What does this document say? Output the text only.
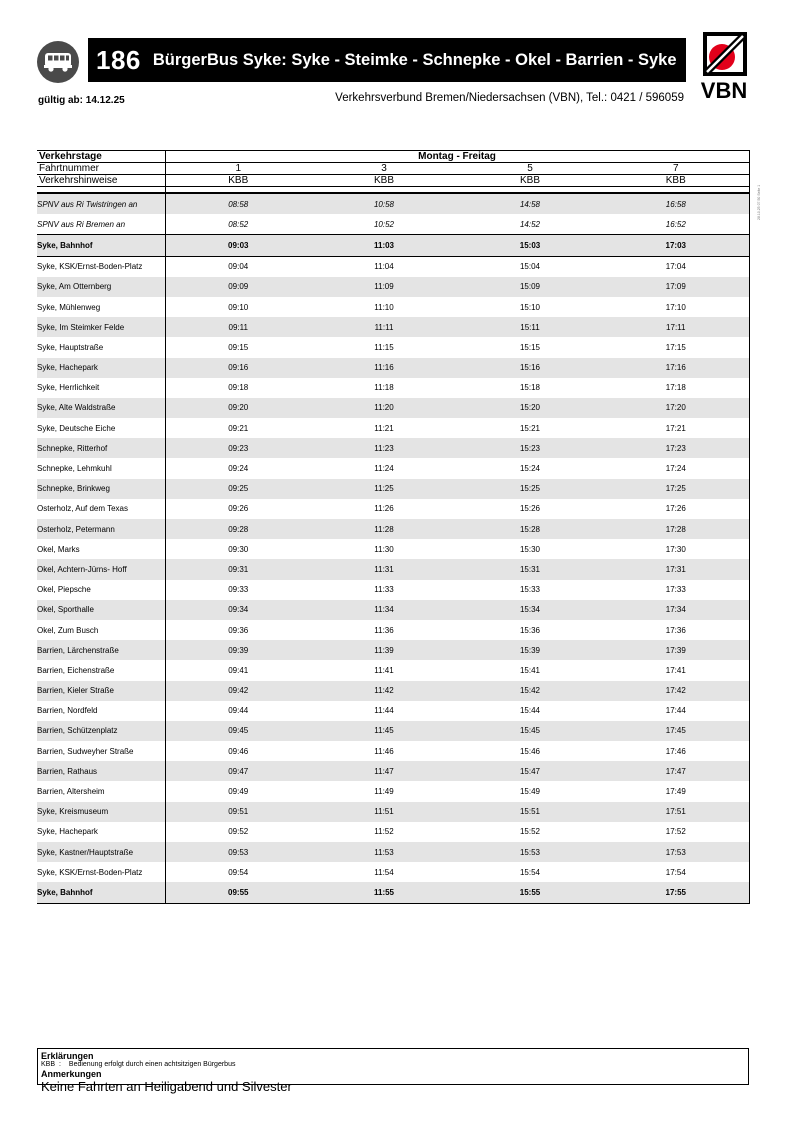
186 BürgerBus Syke: Syke - Steimke - Schnepke - Okel - Barrien - Syke
gültig ab: 14.12.25	Verkehrsverbund Bremen/Niedersachsen (VBN), Tel.: 0421 / 596059 VBN
28.10.25 07:50 Seite 1
Verkehrstage	Montag - Freitag			
Fahrtnummer	1	3	5	7
Verkehrshinweise	KBB	KBB	KBB	KBB

SPNV aus Ri Twistringen an	08:58	10:58	14:58	16:58
SPNV aus Ri Bremen an	08:52	10:52	14:52	16:52
Syke, Bahnhof	09:03	11:03	15:03	17:03
Syke, KSK/Ernst-Boden-Platz	09:04	11:04	15:04	17:04
Syke, Am Otternberg	09:09	11:09	15:09	17:09
Syke, Mühlenweg	09:10	11:10	15:10	17:10
Syke, Im Steimker Felde	09:11	11:11	15:11	17:11
Syke, Hauptstraße	09:15	11:15	15:15	17:15
Syke, Hachepark	09:16	11:16	15:16	17:16
Syke, Herrlichkeit	09:18	11:18	15:18	17:18
Syke, Alte Waldstraße	09:20	11:20	15:20	17:20
Syke, Deutsche Eiche	09:21	11:21	15:21	17:21
Schnepke, Ritterhof	09:23	11:23	15:23	17:23
Schnepke, Lehmkuhl	09:24	11:24	15:24	17:24
Schnepke, Brinkweg	09:25	11:25	15:25	17:25
Osterholz, Auf dem Texas	09:26	11:26	15:26	17:26
Osterholz, Petermann	09:28	11:28	15:28	17:28
Okel, Marks	09:30	11:30	15:30	17:30
Okel, Achtern-Jürns- Hoff	09:31	11:31	15:31	17:31
Okel, Piepsche	09:33	11:33	15:33	17:33
Okel, Sporthalle	09:34	11:34	15:34	17:34
Okel, Zum Busch	09:36	11:36	15:36	17:36
Barrien, Lärchenstraße	09:39	11:39	15:39	17:39
Barrien, Eichenstraße	09:41	11:41	15:41	17:41
Barrien, Kieler Straße	09:42	11:42	15:42	17:42
Barrien, Nordfeld	09:44	11:44	15:44	17:44
Barrien, Schützenplatz	09:45	11:45	15:45	17:45
Barrien, Sudweyher Straße	09:46	11:46	15:46	17:46
Barrien, Rathaus	09:47	11:47	15:47	17:47
Barrien, Altersheim	09:49	11:49	15:49	17:49
Syke, Kreismuseum	09:51	11:51	15:51	17:51
Syke, Hachepark	09:52	11:52	15:52	17:52
Syke, Kastner/Hauptstraße	09:53	11:53	15:53	17:53
Syke, KSK/Ernst-Boden-Platz	09:54	11:54	15:54	17:54
Syke, Bahnhof	09:55	11:55	15:55	17:55
Erklärungen
KBB : Bedienung erfolgt durch einen achtsitzigen Bürgerbus
Anmerkungen
Keine Fahrten an Heiligabend und Silvester
